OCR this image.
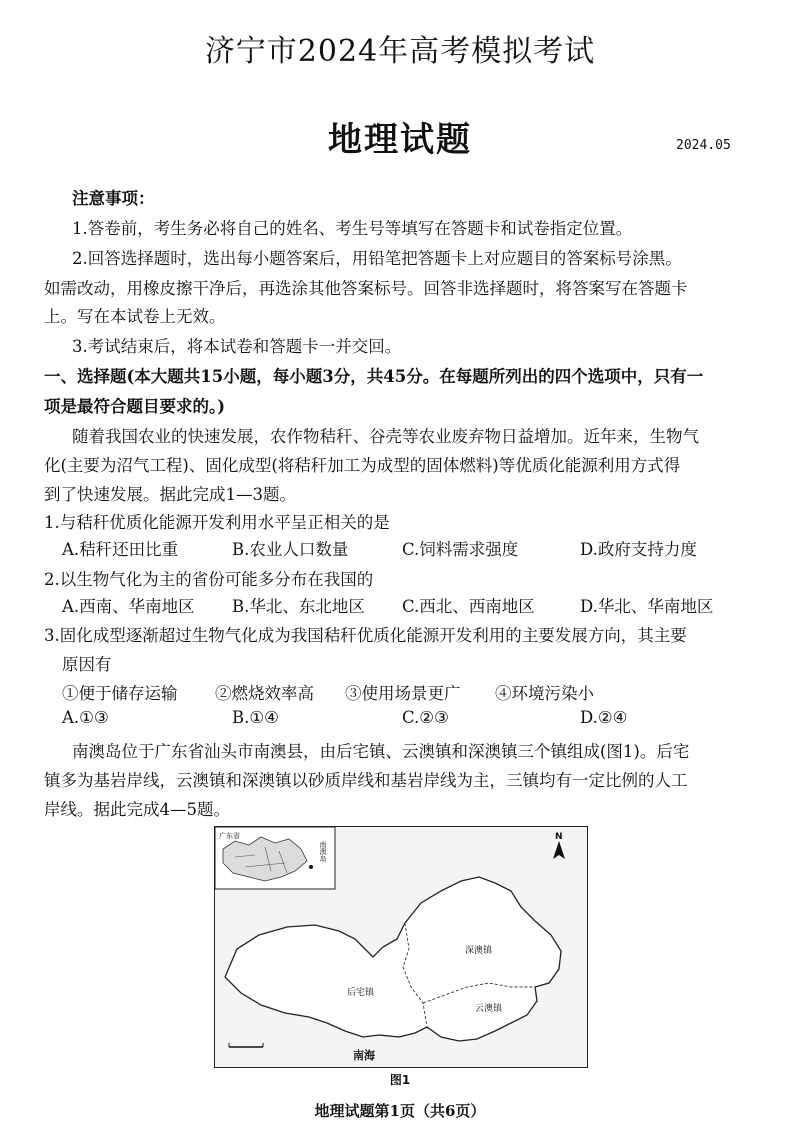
济宁市2024年高考模拟考试
地理试题	2024.05
注意事项：
1.答卷前，考生务必将自己的姓名、考生号等填写在答题卡和试卷指定位置。
2.回答选择题时，选出每小题答案后，用铅笔把答题卡上对应题目的答案标号涂黑。
如需改动，用橡皮擦干净后，再选涂其他答案标号。回答非选择题时，将答案写在答题卡
上。写在本试卷上无效。
3.考试结束后，将本试卷和答题卡一并交回。
一、选择题(本大题共15小题，每小题3分，共45分。在每题所列出的四个选项中，只有一
项是最符合题目要求的。)
随着我国农业的快速发展，农作物秸秆、谷壳等农业废弃物日益增加。近年来，生物气
化(主要为沼气工程)、固化成型(将秸秆加工为成型的固体燃料)等优质化能源利用方式得
到了快速发展。据此完成1—3题。
1.与秸秆优质化能源开发利用水平呈正相关的是
A.秸秆还田比重	B.农业人口数量	C.饲料需求强度	D.政府支持力度
2.以生物气化为主的省份可能多分布在我国的
A.西南、华南地区 B.华北、东北地区 C.西北、西南地区	D.华北、华南地区
3.固化成型逐渐超过生物气化成为我国秸秆优质化能源开发利用的主要发展方向，其主要
原因有
①便于储存运输 ②燃烧效率高 ③使用场景更广 ④环境污染小
A.①③	B.①④	C.②③	D.②④
南澳岛位于广东省汕头市南澳县，由后宅镇、云澳镇和深澳镇三个镇组成(图1)。后宅
镇多为基岩岸线，云澳镇和深澳镇以砂质岸线和基岩岸线为主，三镇均有一定比例的人工
岸线。据此完成4—5题。
广东省
南澳岛
N
深澳镇
后宅镇
云澳镇
南海
图1
地理试题第1页（共6页）
